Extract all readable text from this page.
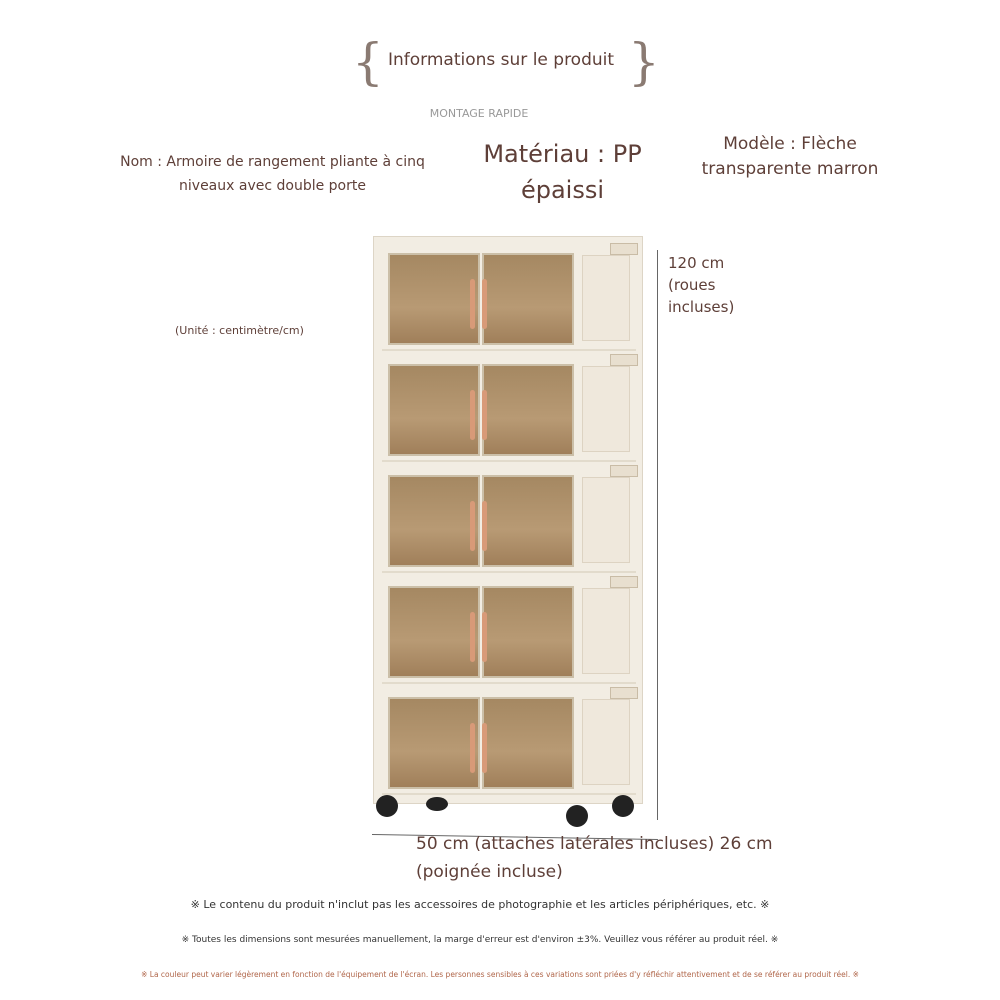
{	}
Informations sur le produit
MONTAGE RAPIDE
Nom : Armoire de rangement pliante à cinq niveaux avec double porte
Matériau : PP épaissi
Modèle : Flèche transparente marron
(Unité : centimètre/cm)
120 cm (roues incluses)
50 cm (attaches latérales incluses) 26 cm (poignée incluse)
※ Le contenu du produit n'inclut pas les accessoires de photographie et les articles périphériques, etc. ※
※ Toutes les dimensions sont mesurées manuellement, la marge d'erreur est d'environ ±3%. Veuillez vous référer au produit réel. ※
※ La couleur peut varier légèrement en fonction de l'équipement de l'écran. Les personnes sensibles à ces variations sont priées d'y réfléchir attentivement et de se référer au produit réel. ※
